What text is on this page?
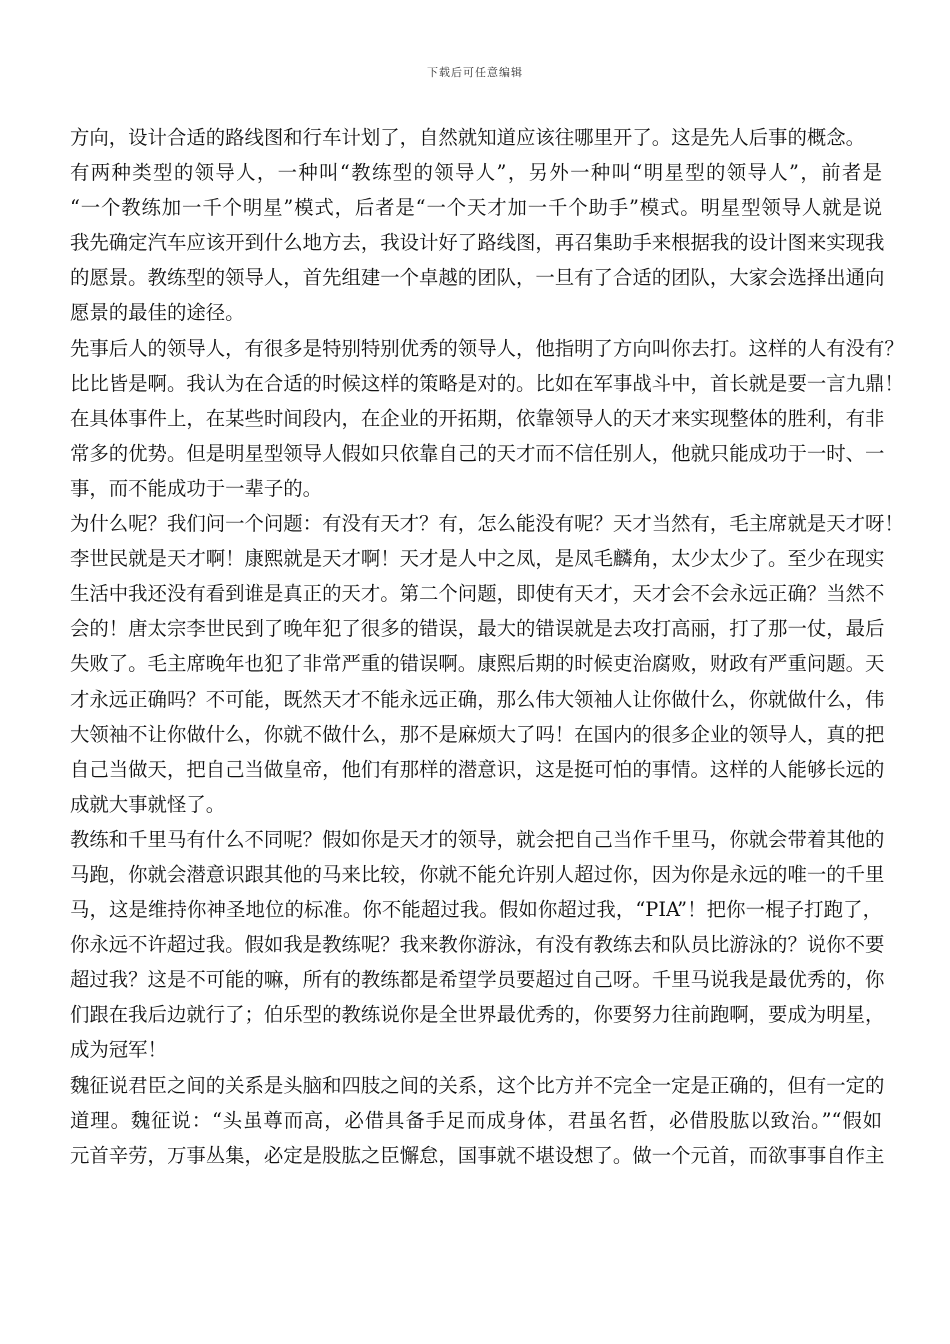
下载后可任意编辑
方向，设计合适的路线图和行车计划了，自然就知道应该往哪里开了。这是先人后事的概念。
有两种类型的领导人，一种叫“教练型的领导人”，另外一种叫“明星型的领导人”，前者是
“一个教练加一千个明星”模式，后者是“一个天才加一千个助手”模式。明星型领导人就是说
我先确定汽车应该开到什么地方去，我设计好了路线图，再召集助手来根据我的设计图来实现我
的愿景。教练型的领导人，首先组建一个卓越的团队，一旦有了合适的团队，大家会选择出通向
愿景的最佳的途径。
先事后人的领导人，有很多是特别特别优秀的领导人，他指明了方向叫你去打。这样的人有没有？
比比皆是啊。我认为在合适的时候这样的策略是对的。比如在军事战斗中，首长就是要一言九鼎！
在具体事件上，在某些时间段内，在企业的开拓期，依靠领导人的天才来实现整体的胜利，有非
常多的优势。但是明星型领导人假如只依靠自己的天才而不信任别人，他就只能成功于一时、一
事，而不能成功于一辈子的。
为什么呢？我们问一个问题：有没有天才？有，怎么能没有呢？天才当然有，毛主席就是天才呀！
李世民就是天才啊！康熙就是天才啊！天才是人中之凤，是凤毛麟角，太少太少了。至少在现实
生活中我还没有看到谁是真正的天才。第二个问题，即使有天才，天才会不会永远正确？当然不
会的！唐太宗李世民到了晚年犯了很多的错误，最大的错误就是去攻打高丽，打了那一仗，最后
失败了。毛主席晚年也犯了非常严重的错误啊。康熙后期的时候吏治腐败，财政有严重问题。天
才永远正确吗？不可能，既然天才不能永远正确，那么伟大领袖人让你做什么，你就做什么，伟
大领袖不让你做什么，你就不做什么，那不是麻烦大了吗！在国内的很多企业的领导人，真的把
自己当做天，把自己当做皇帝，他们有那样的潜意识，这是挺可怕的事情。这样的人能够长远的
成就大事就怪了。
教练和千里马有什么不同呢？假如你是天才的领导，就会把自己当作千里马，你就会带着其他的
马跑，你就会潜意识跟其他的马来比较，你就不能允许别人超过你，因为你是永远的唯一的千里
马，这是维持你神圣地位的标准。你不能超过我。假如你超过我，“PIA”！把你一棍子打跑了，
你永远不许超过我。假如我是教练呢？我来教你游泳，有没有教练去和队员比游泳的？说你不要
超过我？这是不可能的嘛，所有的教练都是希望学员要超过自己呀。千里马说我是最优秀的，你
们跟在我后边就行了；伯乐型的教练说你是全世界最优秀的，你要努力往前跑啊，要成为明星，
成为冠军！
魏征说君臣之间的关系是头脑和四肢之间的关系，这个比方并不完全一定是正确的，但有一定的
道理。魏征说：“头虽尊而高，必借具备手足而成身体，君虽名哲，必借股肱以致治。”“假如
元首辛劳，万事丛集，必定是股肱之臣懈怠，国事就不堪设想了。做一个元首，而欲事事自作主
